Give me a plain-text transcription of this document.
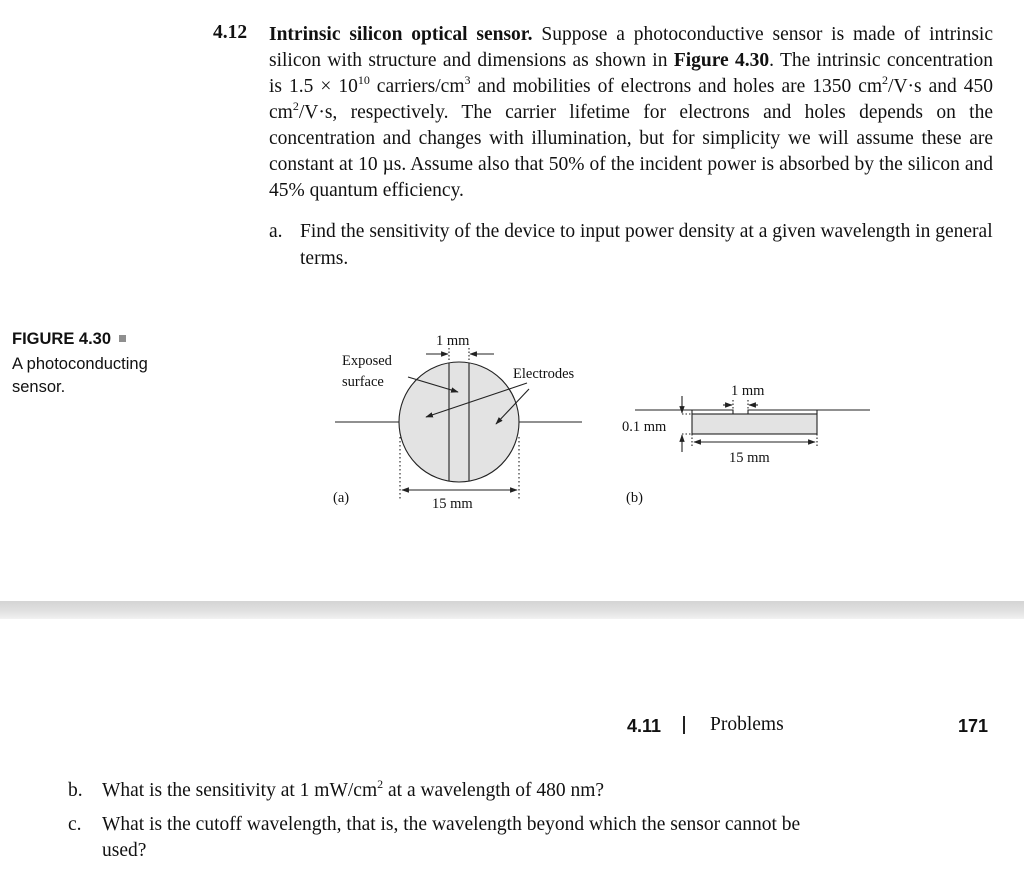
4.12 Intrinsic silicon optical sensor. Suppose a photoconductive sensor is made of intrinsic silicon with structure and dimensions as shown in Figure 4.30. The intrinsic concentration is $1.5 \times 10^{10}$ carriers/$cm^3$ and mobilities of electrons and holes are 1350 $cm^2/V\cdot s$ and 450 $cm^2/V\cdot s$, respectively. The carrier lifetime for electrons and holes depends on the concentration and changes with illumination, but for simplicity we will assume these are constant at 10 µs. Assume also that 50% of the incident power is absorbed by the silicon and 45% quantum efficiency.
a. Find the sensitivity of the device to input power density at a given wavelength in general terms.
FIGURE 4.30
A photoconducting sensor.
1 mm
Exposed
surface	Electrodes
(a)	15 mm
1 mm
0.1 mm
15 mm
(b)
4.11	Problems	171
b. What is the sensitivity at 1 $mW/cm^2$ at a wavelength of 480 nm?
c. What is the cutoff wavelength, that is, the wavelength beyond which the sensor cannot be used?
